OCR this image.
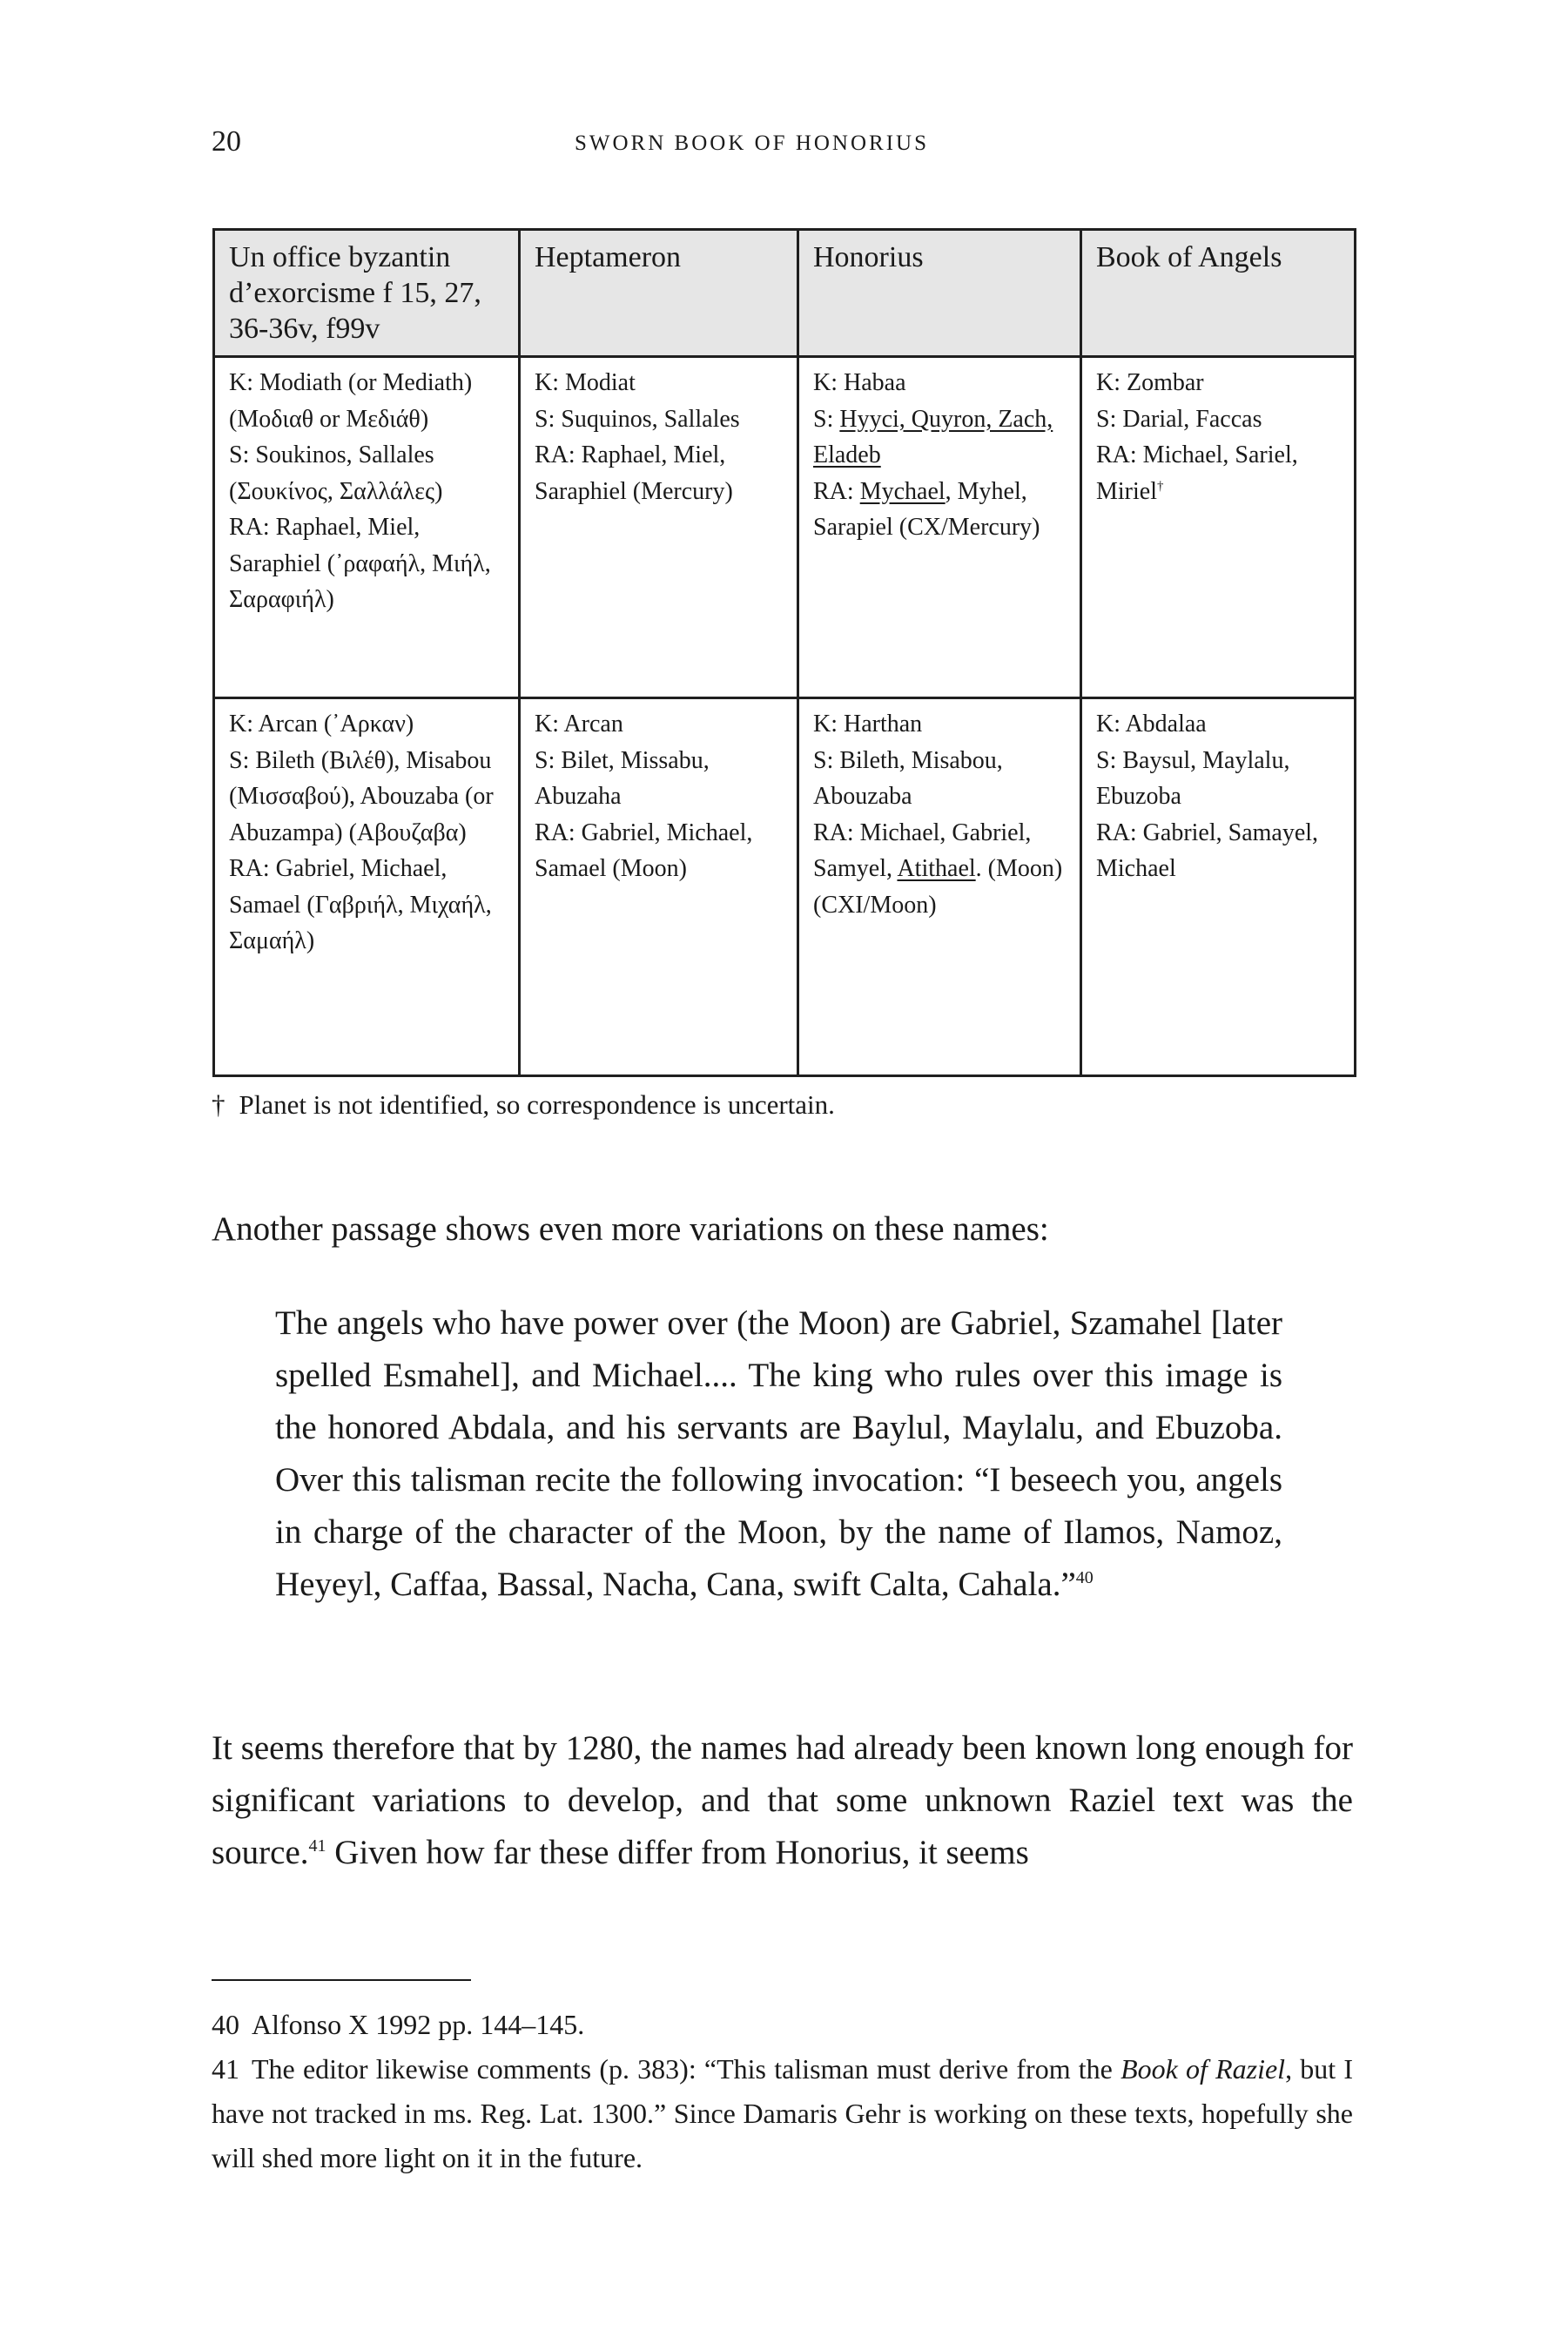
20	SWORN BOOK OF HONORIUS
Un office byzantin d’exorcisme f 15, 27, 36-36v, f99v	Heptameron	Honorius	Book of Angels

K: Modiath (or Mediath) (Μοδιαθ or Μεδιάθ)
S: Soukinos, Sallales (Σουκίνος, Σαλλάλες)
RA: Raphael, Miel, Saraphiel (᾿ραφαήλ, Μιήλ, Σαραφιήλ)	K: Modiat
S: Suquinos, Sallales
RA: Raphael, Miel, Saraphiel (Mercury)	K: Habaa
S: Hyyci, Quyron, Zach, Eladeb
RA: Mychael, Myhel,
Sarapiel (CX/Mercury)	K: Zombar
S: Darial, Faccas
RA: Michael, Sariel, Miriel†

K: Arcan (᾿Αρκαν)
S: Bileth (Βιλέθ), Misabou (Μισσαβού), Abouzaba (or Abuzampa) (Αβουζαβα)
RA: Gabriel, Michael, Samael (Γαβριήλ, Μιχαήλ, Σαμαήλ)	K: Arcan
S: Bilet, Missabu, Abuzaha
RA: Gabriel, Michael, Samael (Moon)	K: Harthan
S: Bileth, Misabou, Abouzaba
RA: Michael, Gabriel, Samyel, Atithael. (Moon) (CXI/Moon)	K: Abdalaa
S: Baysul, Maylalu, Ebuzoba
RA: Gabriel, Samayel, Michael
† Planet is not identified, so correspondence is uncertain.

Another passage shows even more variations on these names:

The angels who have power over (the Moon) are Gabriel, Szamahel [later spelled Esmahel], and Michael.... The king who rules over this image is the honored Abdala, and his servants are Baylul, Maylalu, and Ebuzoba. Over this talisman recite the following invocation: “I beseech you, angels in charge of the character of the Moon, by the name of Ilamos, Namoz, Heyeyl, Caffaa, Bassal, Nacha, Cana, swift Calta, Cahala.”$^{40}$

It seems therefore that by 1280, the names had already been known long enough for significant variations to develop, and that some unknown Raziel text was the source.$^{41}$ Given how far these differ from Honorius, it seems

40 Alfonso X 1992 pp. 144–145.

41 The editor likewise comments (p. 383): “This talisman must derive from the Book of Raziel, but I have not tracked in ms. Reg. Lat. 1300.” Since Damaris Gehr is working on these texts, hopefully she will shed more light on it in the future.
